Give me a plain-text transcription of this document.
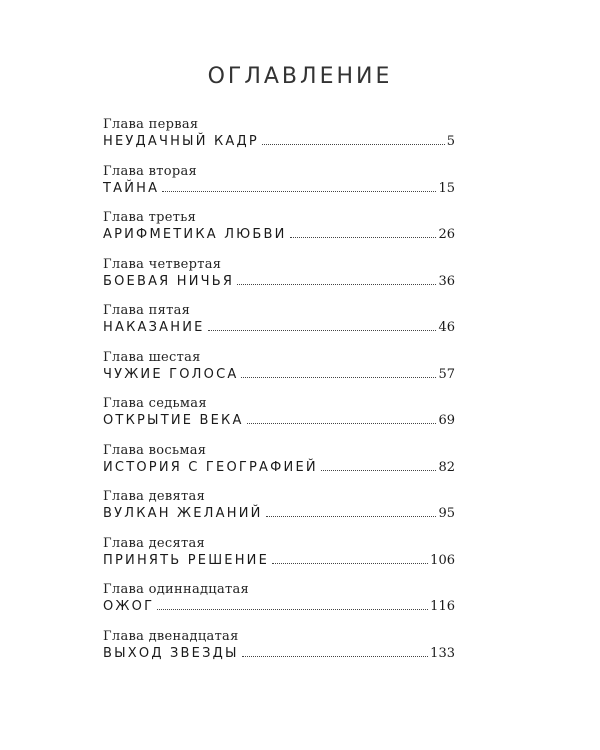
ОГЛАВЛЕНИЕ
Глава первая
НЕУДАЧНЫЙ КАДР	5
Глава вторая
ТАЙНА	15
Глава третья
АРИФМЕТИКА ЛЮБВИ	26
Глава четвертая
БОЕВАЯ НИЧЬЯ	36
Глава пятая
НАКАЗАНИЕ	46
Глава шестая
ЧУЖИЕ ГОЛОСА	57
Глава седьмая
ОТКРЫТИЕ ВЕКА	69
Глава восьмая
ИСТОРИЯ С ГЕОГРАФИЕЙ	82
Глава девятая
ВУЛКАН ЖЕЛАНИЙ	95
Глава десятая
ПРИНЯТЬ РЕШЕНИЕ	106
Глава одиннадцатая
ОЖОГ	116
Глава двенадцатая
ВЫХОД ЗВЕЗДЫ	133
